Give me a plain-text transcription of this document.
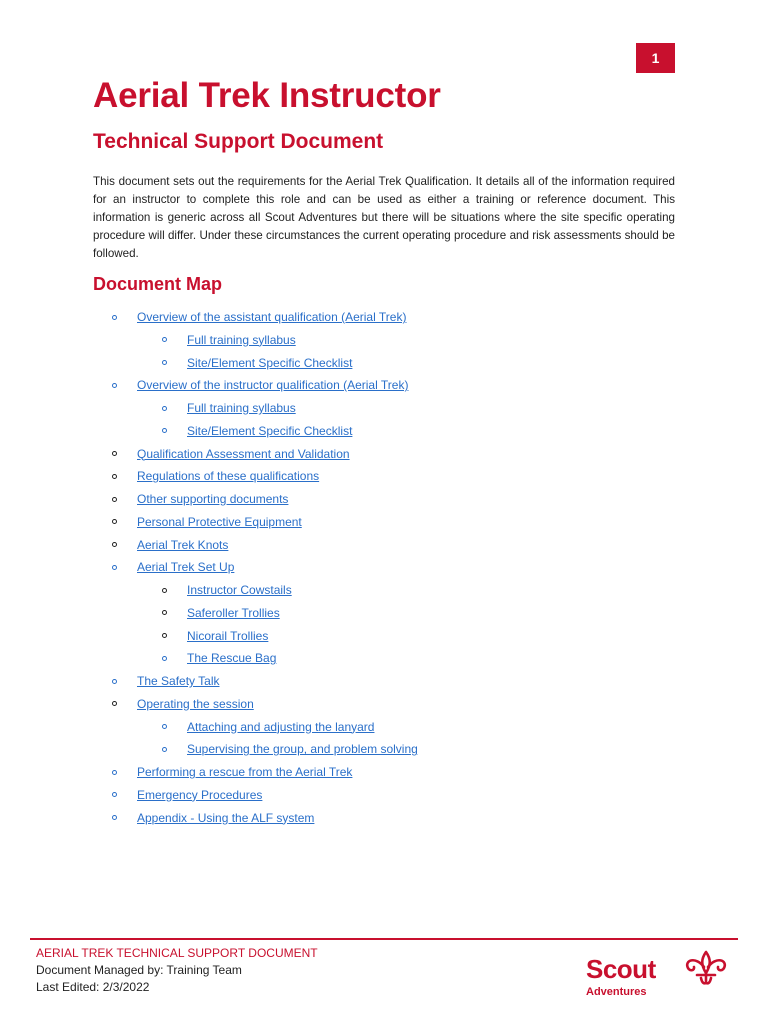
1
Aerial Trek Instructor
Technical Support Document

This document sets out the requirements for the Aerial Trek Qualification. It details all of the information required for an instructor to complete this role and can be used as either a training or reference document. This information is generic across all Scout Adventures but there will be situations where the site specific operating procedure will differ. Under these circumstances the current operating procedure and risk assessments should be followed.

Document Map
Overview of the assistant qualification (Aerial Trek)
Full training syllabus
Site/Element Specific Checklist
Overview of the instructor qualification (Aerial Trek)
Full training syllabus
Site/Element Specific Checklist
Qualification Assessment and Validation
Regulations of these qualifications
Other supporting documents
Personal Protective Equipment
Aerial Trek Knots
Aerial Trek Set Up
Instructor Cowstails
Saferoller Trollies
Nicorail Trollies
The Rescue Bag
The Safety Talk
Operating the session
Attaching and adjusting the lanyard
Supervising the group, and problem solving
Performing a rescue from the Aerial Trek
Emergency Procedures
Appendix - Using the ALF system
AERIAL TREK TECHNICAL SUPPORT DOCUMENT
Document Managed by: Training Team
Last Edited: 2/3/2022
Scout
Adventures
